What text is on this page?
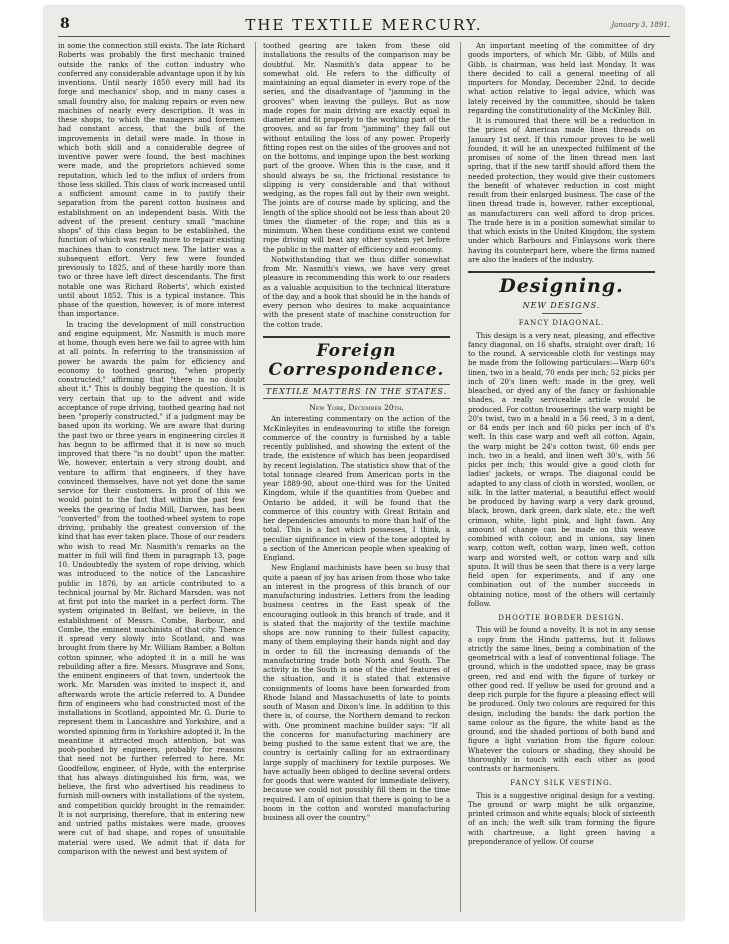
8	THE TEXTILE MERCURY.	January 3, 1891.

in some the connection still exists. The late Richard Roberts was probably the first mechanic trained outside the ranks of the cotton industry who conferred any considerable advantage upon it by his inventions. Until nearly 1850 every mill had its forge and mechanics' shop, and in many cases a small foundry also, for making repairs or even new machines of nearly every description. It was in these shops, to which the managers and foremen had constant access, that the bulk of the improvements in detail were made. In those in which both skill and a considerable degree of inventive power were found, the best machines were made, and the proprietors achieved some reputation, which led to the influx of orders from those less skilled. This class of work increased until a sufficient amount came in to justify their separation from the parent cotton business and establishment on an independent basis. With the advent of the present century small "machine shops" of this class began to be established, the function of which was really more to repair existing machines than to construct new. The latter was a subsequent effort. Very few were founded previously to 1825, and of these hardly more than two or three have left direct descendants. The first notable one was Richard Roberts', which existed until about 1852. This is a typical instance. This phase of the question, however, is of more interest than importance.

In tracing the development of mill construction and engine equipment, Mr. Nasmith is much more at home, though even here we fail to agree with him at all points. In referring to the transmission of power he awards the palm for efficiency and economy to toothed gearing, "when properly constructed," affirming that "there is no doubt about it." This is doubly begging the question. It is very certain that up to the advent and wide acceptance of rope driving, toothed gearing had not been "properly constructed," if a judgment may be based upon its working. We are aware that during the past two or three years in engineering circles it has begun to be affirmed that it is now so much improved that there "is no doubt" upon the matter. We, however, entertain a very strong doubt, and venture to affirm that engineers, if they have convinced themselves, have not yet done the same service for their customers. In proof of this we would point to the fact that within the past few weeks the gearing of India Mill, Darwen, has been "converted" from the toothed-wheel system to rope driving, probably the greatest conversion of the kind that has ever taken place. Those of our readers who wish to read Mr. Nasmith's remarks on the matter in full will find them in paragraph 13, page 10. Undoubtedly the system of rope driving, which was introduced to the notice of the Lancashire public in 1876, by an article contributed to a technical journal by Mr. Richard Marsden, was not at first put into the market in a perfect form. The system originated in Belfast, we believe, in the establishment of Messrs. Combe, Barbour, and Combe, the eminent machinists of that city. Thence it spread very slowly into Scotland, and was brought from there by Mr. William Bamber, a Bolton cotton spinner, who adopted it in a mill he was rebuilding after a fire. Messrs. Musgrave and Sons, the eminent engineers of that town, undertook the work. Mr. Marsden was invited to inspect it, and afterwards wrote the article referred to. A Dundee firm of engineers who had constructed most of the installations in Scotland, appointed Mr. G. Durie to represent them in Lancashire and Yorkshire, and a worsted spinning firm in Yorkshire adopted it. In the meantime it attracted much attention, but was pooh-poohed by engineers, probably for reasons that need not be further referred to here. Mr. Goodfellow, engineer, of Hyde, with the enterprise that has always distinguished his firm, was, we believe, the first who advertised his readiness to furnish mill-owners with installations of the system, and competition quickly brought in the remainder. It is not surprising, therefore, that in entering new and untried paths mistakes were made, grooves were cut of bad shape, and ropes of unsuitable material were used. We admit that if data for comparison with the newest and best system of

toothed gearing are taken from these old installations the results of the comparison may be doubtful. Mr. Nasmith's data appear to be somewhat old. He refers to the difficulty of maintaining an equal diameter in every rope of the series, and the disadvantage of "jamming in the grooves" when leaving the pulleys. But as now made ropes for main driving are exactly equal in diameter and fit properly to the working part of the grooves, and so far from "jamming" they fall out without entailing the loss of any power. Properly fitting ropes rest on the sides of the grooves and not on the bottoms, and impinge upon the best working part of the groove. When this is the case, and it should always be so, the frictional resistance to slipping is very considerable and that without wedging, as the ropes fall out by their own weight. The joints are of course made by splicing, and the length of the splice should not be less than about 20 times the diameter of the rope; and this as a minimum. When these conditions exist we contend rope driving will beat any other system yet before the public in the matter of efficiency and economy.

Notwithstanding that we thus differ somewhat from Mr. Nasmith's views, we have very great pleasure in recommending this work to our readers as a valuable acquisition to the technical literature of the day, and a book that should be in the hands of every person who desires to make acquaintance with the present state of machine construction for the cotton trade.

Foreign
Correspondence.
TEXTILE MATTERS IN THE STATES.
New York, December 20th.

An interesting commentary on the action of the McKinleyites in endeavouring to stifle the foreign commerce of the country is furnished by a table recently published, and showing the extent of the trade, the existence of which has been jeopardised by recent legislation. The statistics show that of the total tonnage cleared from American ports in the year 1889-90, about one-third was for the United Kingdom, while if the quantities from Quebec and Ontario be added, it will be found that the commerce of this country with Great Britain and her dependencies amounts to more than half of the total. This is a fact which possesses, I think, a peculiar significance in view of the tone adopted by a section of the American people when speaking of England.

New England machinists have been so busy that quite a paean of joy has arisen from those who take an interest in the progress of this branch of our manufacturing industries. Letters from the leading business centres in the East speak of the encouraging outlook in this branch of trade, and it is stated that the majority of the textile machine shops are now running to their fullest capacity, many of them employing their hands night and day in order to fill the increasing demands of the manufacturing trade both North and South. The activity in the South is one of the chief features of the situation, and it is stated that extensive consignments of looms have been forwarded from Rhode Island and Massachusetts of late to points south of Mason and Dixon's line. In addition to this there is, of course, the Northern demand to reckon with. One prominent machine builder says: "If all the concerns for manufacturing machinery are being pushed to the same extent that we are, the country is certainly calling for an extraordinary large supply of machinery for textile purposes. We have actually been obliged to decline several orders for goods that were wanted for immediate delivery, because we could not possibly fill them in the time required. I am of opinion that there is going to be a boom in the cotton and worsted manufacturing business all over the country."

An important meeting of the committee of dry goods importers, of which Mr. Gibb, of Mills and Gibb, is chairman, was held last Monday. It was there decided to call a general meeting of all importers for Monday, December 22nd, to decide what action relative to legal advice, which was lately received by the committee, should be taken regarding the constitutionality of the McKinley Bill.

It is rumoured that there will be a reduction in the prices of American made linen threads on January 1st next. If this rumour proves to be well founded, it will be an unexpected fulfilment of the promises of some of the linen thread men last spring, that if the new tariff should afford them the needed protection, they would give their customers the benefit of whatever reduction in cost might result from their enlarged business. The case of the linen thread trade is, however, rather exceptional, as manufacturers can well afford to drop prices. The trade here is in a position somewhat similar to that which exists in the United Kingdom, the system under which Barbours and Finlaysons work there having its counterpart here, where the firms named are also the leaders of the industry.

Designing.
NEW DESIGNS.
FANCY DIAGONAL.

This design is a very neat, pleasing, and effective fancy diagonal, on 16 shafts, straight over draft; 16 to the round. A serviceable cloth for vestings may be made from the following particulars:—Warp 60's linen, two in a heald, 70 ends per inch; 52 picks per inch of 20's linen weft: made in the grey, well bleached, or dyed any of the fancy or fashionable shades, a really serviceable article would be produced. For cotton trouserings the warp might be 20's twist, two in a heald in a 56 reed, 3 in a dent, or 84 ends per inch and 60 picks per inch of 8's weft. In this case warp and weft all cotton. Again, the warp might be 24's cotton twist, 60 ends per inch, two in a heald, and linen weft 30's, with 56 picks per inch; this would give a good cloth for ladies' jackets, or wraps. The diagonal could be adapted to any class of cloth in worsted, woollen, or silk. In the latter material, a beautiful effect would be produced by having warp a very dark ground, black, brown, dark green, dark slate, etc.; the weft crimson, white, light pink, and light fawn. Any amount of change can be made on this weave combined with colour, and in unions, say linen warp, cotton weft, cotton warp, linen weft, cotton warp and worsted weft, or cotton warp and silk spuns. It will thus be seen that there is a very large field open for experiments, and if any one combination out of the number succeeds in obtaining notice, most of the others will certainly follow.

DHOOTIE BORDER DESIGN.

This will be found a novelty. It is not in any sense a copy from the Hindu patterns, but it follows strictly the same lines, being a combination of the geometrical with a leaf of conventional foliage. The ground, which is the undotted space, may be grass green, red and end with the figure of turkey or other good red. If yellow be used for ground and a deep rich purple for the figure a pleasing effect will be produced. Only two colours are required for this design, including the bands: the dark portion the same colour as the figure, the white band as the ground, and the shaded portions of both band and figure a light variation from the figure colour. Whatever the colours or shading, they should be thoroughly in touch with each other as good contrasts or harmonisers.

FANCY SILK VESTING.

This is a suggestive original design for a vesting. The ground or warp might be silk organzine, printed crimson and white equals; block of sixteenth of an inch; the weft silk tram forming the figure with chartreuse, a light green having a preponderance of yellow. Of course
